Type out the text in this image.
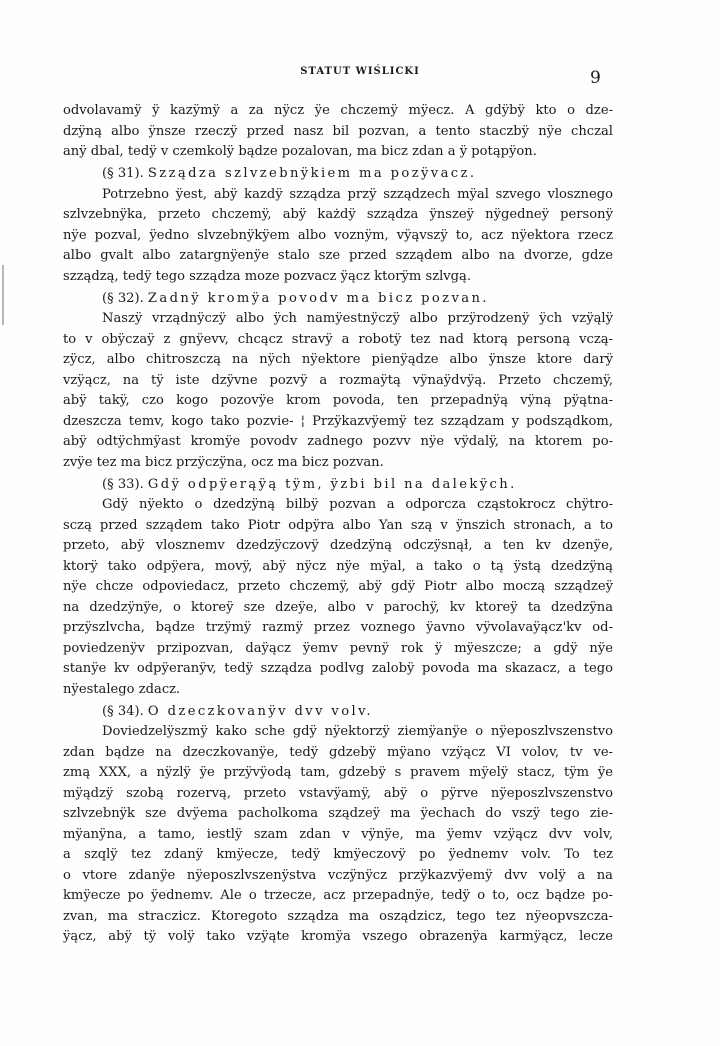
STATUT WIŚLICKI	9
odvolavamÿ ÿ kazÿmÿ a za nÿcz ÿe chczemÿ mÿecz. A gdÿbÿ kto o dze-
dzÿną albo ÿnsze rzeczÿ przed nasz bil pozvan, a tento staczbÿ nÿe chczal
anÿ dbal, tedÿ v czemkolÿ bądze pozalovan, ma bicz zdan a ÿ potąpÿon.
(§ 31). Szządza szlvzebnÿkiem ma pozÿvacz.
Potrzebno ÿest, abÿ kazdÿ szządza przÿ szządzech mÿal szvego vlosznego
szlvzebnÿka, przeto chczemÿ, abÿ każdÿ szządza ÿnszeÿ nÿgedneÿ personÿ
nÿe pozval, ÿedno slvzebnÿkÿem albo voznÿm, vÿąvszÿ to, acz nÿektora rzecz
albo gvalt albo zatargnÿenÿe stalo sze przed szządem albo na dvorze, gdze
szządzą, tedÿ tego szządza moze pozvacz ÿącz ktorÿm szlvgą.
(§ 32). Zadnÿ kromÿa povodv ma bicz pozvan.
Naszÿ vrządnÿczÿ albo ÿch namÿestnÿczÿ albo przÿrodzenÿ ÿch vzÿąlÿ
to v obÿczaÿ z gnÿevv, chcącz stravÿ a robotÿ tez nad ktorą personą vczą-
zÿcz, albo chitroszczą na nÿch nÿektore pienÿądze albo ÿnsze ktore darÿ
vzÿącz, na tÿ iste dzÿvne pozvÿ a rozmaÿtą vÿnaÿdvÿą. Przeto chczemÿ,
abÿ takÿ, czo kogo pozovÿe krom povoda, ten przepadnÿą vÿną pÿątna-
dzeszcza temv, kogo tako pozvie- ¦ Przÿkazvÿemÿ tez szządzam y podsządkom,
abÿ odtÿchmÿast kromÿe povodv zadnego pozvv nÿe vÿdalÿ, na ktorem po-
zvÿe tez ma bicz przÿczÿna, ocz ma bicz pozvan.
(§ 33). Gdÿ odpÿerąÿą tÿm, ÿzbi bil na dalekÿch.
Gdÿ nÿekto o dzedzÿną bilbÿ pozvan a odporcza cząstokrocz chÿtro-
sczą przed szządem tako Piotr odpÿra albo Yan szą v ÿnszich stronach, a to
przeto, abÿ vlosznemv dzedzÿczovÿ dzedzÿną odczÿsnął, a ten kv dzenÿe,
ktorÿ tako odpÿera, movÿ, abÿ nÿcz nÿe mÿal, a tako o tą ÿstą dzedzÿną
nÿe chcze odpoviedacz, przeto chczemÿ, abÿ gdÿ Piotr albo moczą szządzeÿ
na dzedzÿnÿe, o ktoreÿ sze dzeÿe, albo v parochÿ, kv ktoreÿ ta dzedzÿna
przÿszlvcha, bądze trzÿmÿ razmÿ przez voznego ÿavno vÿvolavaÿącz'kv od-
poviedzenÿv przipozvan, daÿącz ÿemv pevnÿ rok ÿ mÿeszcze; a gdÿ nÿe
stanÿe kv odpÿeranÿv, tedÿ szządza podlvg zalobÿ povoda ma skazacz, a tego
nÿestalego zdacz.
(§ 34). O dzeczkovanÿv dvv volv.
Doviedzelÿszmÿ kako sche gdÿ nÿektorzÿ ziemÿanÿe o nÿeposzlvszenstvo
zdan bądze na dzeczkovanÿe, tedÿ gdzebÿ mÿano vzÿącz VI volov, tv ve-
zmą XXX, a nÿzlÿ ÿe przÿvÿodą tam, gdzebÿ s pravem mÿelÿ stacz, tÿm ÿe
mÿądzÿ szobą rozervą, przeto vstavÿamÿ, abÿ o pÿrve nÿeposzlvszenstvo
szlvzebnÿk sze dvÿema pacholkoma sządzeÿ ma ÿechach do vszÿ tego zie-
mÿanÿna, a tamo, iestlÿ szam zdan v vÿnÿe, ma ÿemv vzÿącz dvv volv,
a szqlÿ tez zdanÿ kmÿecze, tedÿ kmÿeczovÿ po ÿednemv volv. To tez
o vtore zdanÿe nÿeposzlvszenÿstva vczÿnÿcz przÿkazvÿemÿ dvv volÿ a na
kmÿecze po ÿednemv. Ale o trzecze, acz przepadnÿe, tedÿ o to, ocz bądze po-
zvan, ma straczicz. Ktoregoto szządza ma osządzicz, tego tez nÿeopvszcza-
ÿącz, abÿ tÿ volÿ tako vzÿąte kromÿa vszego obrazenÿa karmÿącz, lecze
